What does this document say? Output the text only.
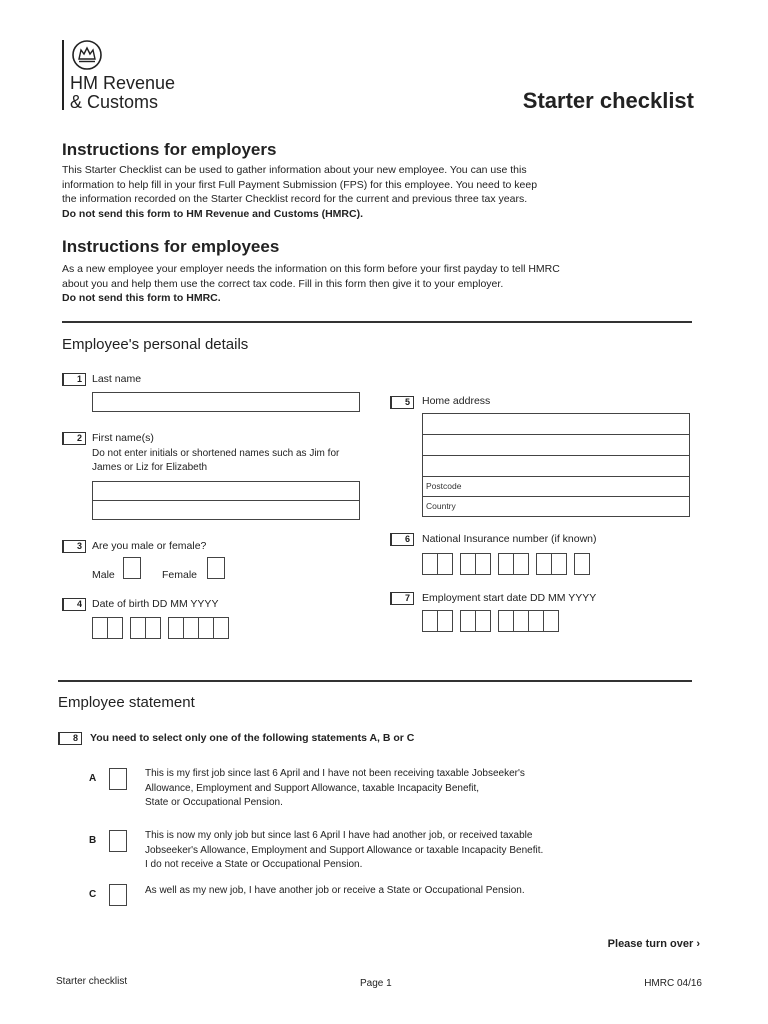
HM Revenue
& Customs	Starter checklist
Instructions for employers
This Starter Checklist can be used to gather information about your new employee. You can use this
information to help fill in your first Full Payment Submission (FPS) for this employee. You need to keep
the information recorded on the Starter Checklist record for the current and previous three tax years.
Do not send this form to HM Revenue and Customs (HMRC).
Instructions for employees
As a new employee your employer needs the information on this form before your first payday to tell HMRC
about you and help them use the correct tax code. Fill in this form then give it to your employer.
Do not send this form to HMRC.
Employee's personal details
1 Last name
2 First name(s)
Do not enter initials or shortened names such as Jim for
James or Liz for Elizabeth
3 Are you male or female?
Male	Female
4 Date of birth DD MM YYYY
5	Home address
Postcode
Country
6	National Insurance number (if known)
7	Employment start date DD MM YYYY
Employee statement
8	You need to select only one of the following statements A, B or C
A	This is my first job since last 6 April and I have not been receiving taxable Jobseeker's
Allowance, Employment and Support Allowance, taxable Incapacity Benefit,
State or Occupational Pension.
B	This is now my only job but since last 6 April I have had another job, or received taxable
Jobseeker's Allowance, Employment and Support Allowance or taxable Incapacity Benefit.
I do not receive a State or Occupational Pension.
C	As well as my new job, I have another job or receive a State or Occupational Pension.
Please turn over ›
Starter checklist	Page 1	HMRC 04/16
